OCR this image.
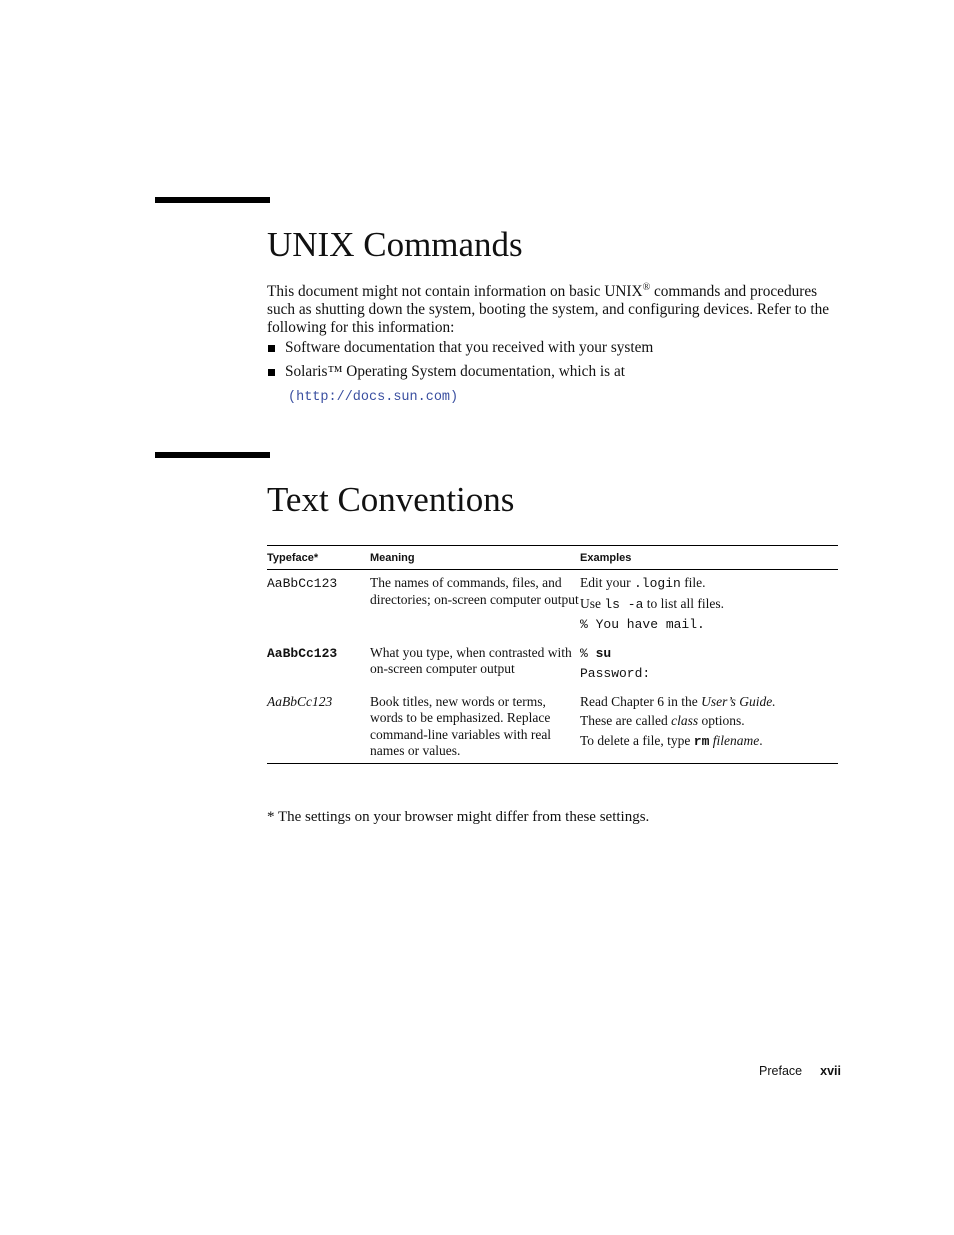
UNIX Commands

This document might not contain information on basic UNIX® commands and procedures such as shutting down the system, booting the system, and configuring devices. Refer to the following for this information:

Software documentation that you received with your system
Solaris™ Operating System documentation, which is at
(http://docs.sun.com)
Text Conventions
Typeface*	Meaning	Examples
AaBbCc123	The names of commands, files, and directories; on-screen computer output	Edit your .login file.
Use ls -a to list all files.
% You have mail.

AaBbCc123	What you type, when contrasted with on-screen computer output	% su
Password:

AaBbCc123	Book titles, new words or terms, words to be emphasized. Replace command-line variables with real names or values.	Read Chapter 6 in the User’s Guide.
These are called class options.
To delete a file, type rm filename.

* The settings on your browser might differ from these settings.

Preface xvii
